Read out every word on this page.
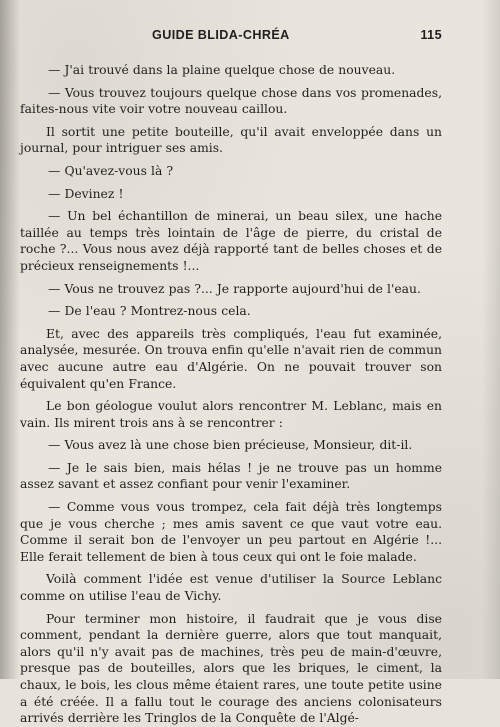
GUIDE BLIDA-CHRÉA	115

— J'ai trouvé dans la plaine quelque chose de nouveau.

— Vous trouvez toujours quelque chose dans vos promenades, faites-nous vite voir votre nouveau caillou.

Il sortit une petite bouteille, qu'il avait enveloppée dans un journal, pour intriguer ses amis.

— Qu'avez-vous là ?

— Devinez !

— Un bel échantillon de minerai, un beau silex, une hache taillée au temps très lointain de l'âge de pierre, du cristal de roche ?... Vous nous avez déjà rapporté tant de belles choses et de précieux renseignements !...

— Vous ne trouvez pas ?... Je rapporte aujourd'hui de l'eau.

— De l'eau ? Montrez-nous cela.

Et, avec des appareils très compliqués, l'eau fut examinée, analysée, mesurée. On trouva enfin qu'elle n'avait rien de commun avec aucune autre eau d'Algérie. On ne pouvait trouver son équivalent qu'en France.

Le bon géologue voulut alors rencontrer M. Leblanc, mais en vain. Ils mirent trois ans à se rencontrer :

— Vous avez là une chose bien précieuse, Monsieur, dit-il.

— Je le sais bien, mais hélas ! je ne trouve pas un homme assez savant et assez confiant pour venir l'examiner.

— Comme vous vous trompez, cela fait déjà très longtemps que je vous cherche ; mes amis savent ce que vaut votre eau. Comme il serait bon de l'envoyer un peu partout en Algérie !... Elle ferait tellement de bien à tous ceux qui ont le foie malade.

Voilà comment l'idée est venue d'utiliser la Source Leblanc comme on utilise l'eau de Vichy.

Pour terminer mon histoire, il faudrait que je vous dise comment, pendant la dernière guerre, alors que tout manquait, alors qu'il n'y avait pas de machines, très peu de main-d'œuvre, presque pas de bouteilles, alors que les briques, le ciment, la chaux, le bois, les clous même étaient rares, une toute petite usine a été créée. Il a fallu tout le courage des anciens colonisateurs arrivés derrière les Tringlos de la Conquête de l'Algé-
